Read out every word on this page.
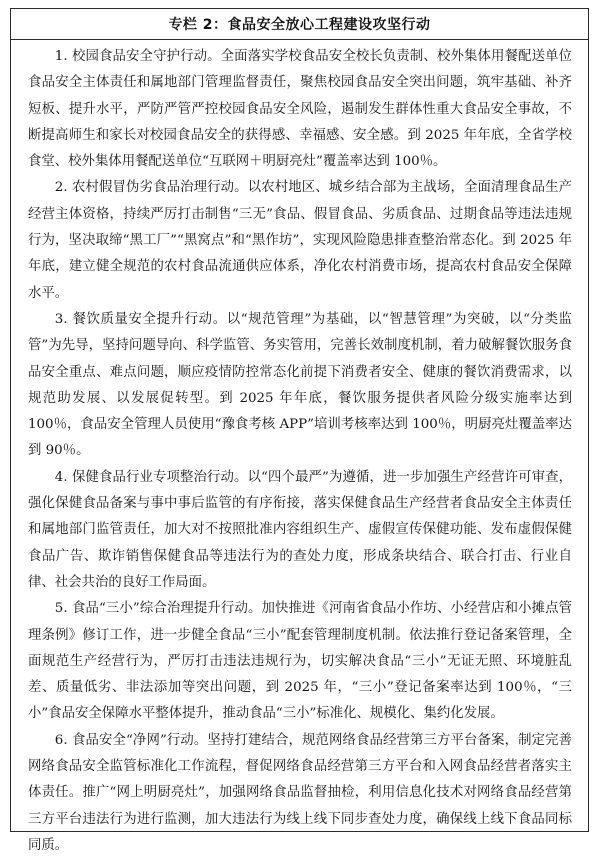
专栏 2：食品安全放心工程建设攻坚行动

1. 校园食品安全守护行动。全面落实学校食品安全校长负责制、校外集体用餐配送单位食品安全主体责任和属地部门管理监督责任，聚焦校园食品安全突出问题，筑牢基础、补齐短板、提升水平，严防严管严控校园食品安全风险，遏制发生群体性重大食品安全事故，不断提高师生和家长对校园食品安全的获得感、幸福感、安全感。到 2025 年年底，全省学校食堂、校外集体用餐配送单位“互联网＋明厨亮灶”覆盖率达到 100％。

2. 农村假冒伪劣食品治理行动。以农村地区、城乡结合部为主战场，全面清理食品生产经营主体资格，持续严厉打击制售“三无”食品、假冒食品、劣质食品、过期食品等违法违规行为，坚决取缔“黑工厂”“黑窝点”和“黑作坊”，实现风险隐患排查整治常态化。到 2025 年年底，建立健全规范的农村食品流通供应体系，净化农村消费市场，提高农村食品安全保障水平。

3. 餐饮质量安全提升行动。以“规范管理”为基础，以“智慧管理”为突破，以“分类监管”为先导，坚持问题导向、科学监管、务实管用，完善长效制度机制，着力破解餐饮服务食品安全重点、难点问题，顺应疫情防控常态化前提下消费者安全、健康的餐饮消费需求，以规范助发展、以发展促转型。到 2025 年年底，餐饮服务提供者风险分级实施率达到 100％，食品安全管理人员使用“豫食考核 APP”培训考核率达到 100％，明厨亮灶覆盖率达到 90％。

4. 保健食品行业专项整治行动。以“四个最严”为遵循，进一步加强生产经营许可审查，强化保健食品备案与事中事后监管的有序衔接，落实保健食品生产经营者食品安全主体责任和属地部门监管责任，加大对不按照批准内容组织生产、虚假宣传保健功能、发布虚假保健食品广告、欺诈销售保健食品等违法行为的查处力度，形成条块结合、联合打击、行业自律、社会共治的良好工作局面。

5. 食品“三小”综合治理提升行动。加快推进《河南省食品小作坊、小经营店和小摊点管理条例》修订工作，进一步健全食品“三小”配套管理制度机制。依法推行登记备案管理，全面规范生产经营行为，严厉打击违法违规行为，切实解决食品“三小”无证无照、环境脏乱差、质量低劣、非法添加等突出问题，到 2025 年，“三小”登记备案率达到 100％，“三小”食品安全保障水平整体提升，推动食品“三小”标准化、规模化、集约化发展。

6. 食品安全“净网”行动。坚持打建结合，规范网络食品经营第三方平台备案，制定完善网络食品安全监管标准化工作流程，督促网络食品经营第三方平台和入网食品经营者落实主体责任。推广“网上明厨亮灶”，加强网络食品监督抽检，利用信息化技术对网络食品经营第三方平台违法行为进行监测，加大违法行为线上线下同步查处力度，确保线上线下食品同标同质。
